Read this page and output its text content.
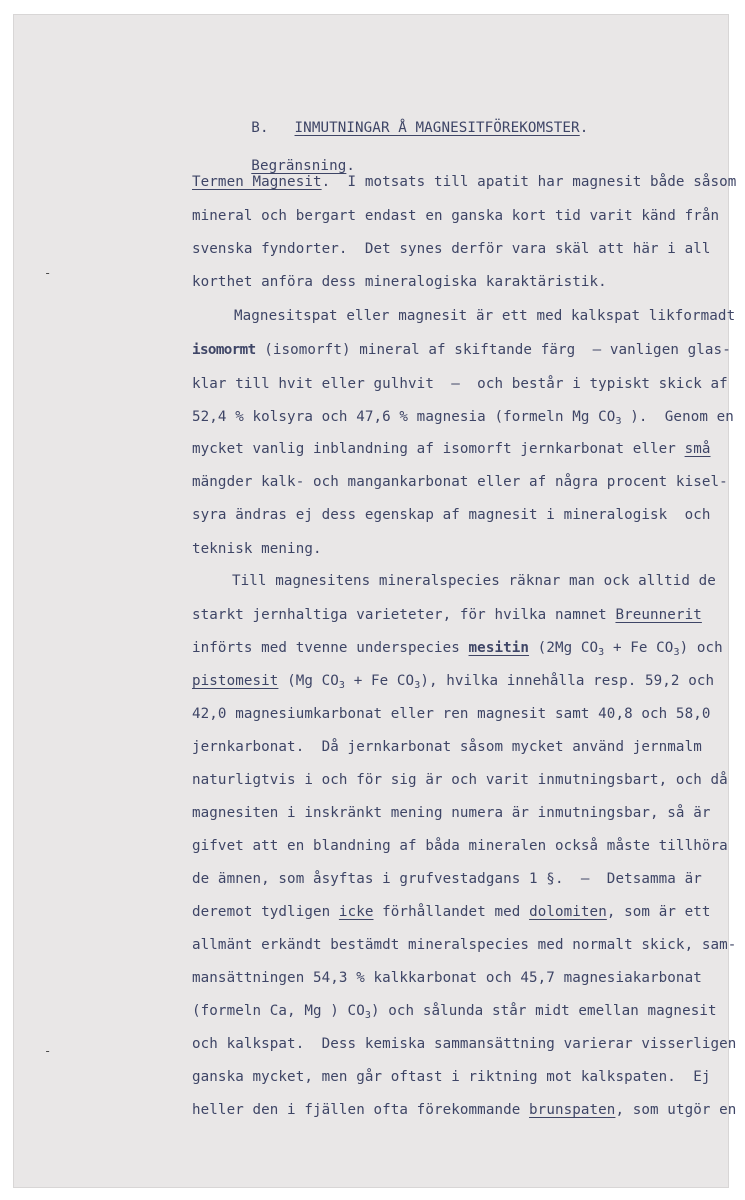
-
-

B. INMUTNINGAR Å MAGNESITFÖREKOMSTER.

Begränsning.

Termen Magnesit.  I motsats till apatit har magnesit både såsom
mineral och bergart endast en ganska kort tid varit känd från
svenska fyndorter.  Det synes derför vara skäl att här i all
korthet anföra dess mineralogiska karaktäristik.
Magnesitspat eller magnesit är ett med kalkspat likformadt
isomormt (isomorft) mineral af skiftande färg  — vanligen glas-
klar till hvit eller gulhvit  —  och består i typiskt skick af
52,4 % kolsyra och 47,6 % magnesia (formeln Mg $CO_3$ ).  Genom en
mycket vanlig inblandning af isomorft jernkarbonat eller små
mängder kalk- och mangankarbonat eller af några procent kisel-
syra ändras ej dess egenskap af magnesit i mineralogisk  och
teknisk mening.
Till magnesitens mineralspecies räknar man ock alltid de
starkt jernhaltiga varieteter, för hvilka namnet Breunnerit
införts med tvenne underspecies mesitin (2Mg $CO_3 + Fe$ $CO_3$) och
pistomesit (Mg $CO_3 + Fe$ $CO_3$), hvilka innehålla resp. 59,2 och
42,0 magnesiumkarbonat eller ren magnesit samt 40,8 och 58,0
jernkarbonat.  Då jernkarbonat såsom mycket använd jernmalm
naturligtvis i och för sig är och varit inmutningsbart, och då
magnesiten i inskränkt mening numera är inmutningsbar, så är
gifvet att en blandning af båda mineralen också måste tillhöra
de ämnen, som åsyftas i grufvestadgans 1 §.  —  Detsamma är
deremot tydligen icke förhållandet med dolomiten, som är ett
allmänt erkändt bestämdt mineralspecies med normalt skick, sam-
mansättningen 54,3 % kalkkarbonat och 45,7 magnesiakarbonat
(formeln Ca, Mg ) $CO_3$) och sålunda står midt emellan magnesit
och kalkspat.  Dess kemiska sammansättning varierar visserligen
ganska mycket, men går oftast i riktning mot kalkspaten.  Ej
heller den i fjällen ofta förekommande brunspaten, som utgör en
